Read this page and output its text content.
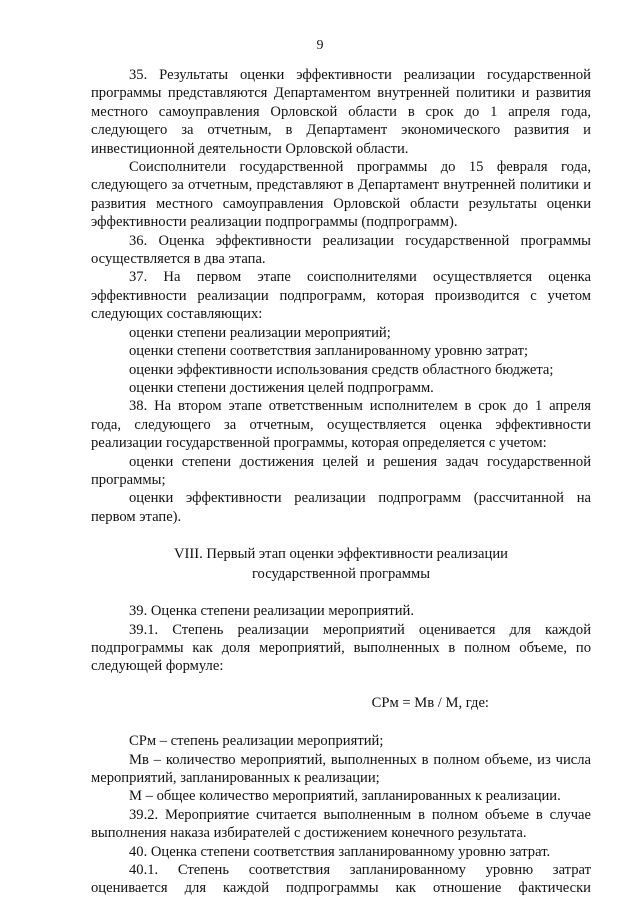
9

35. Результаты оценки эффективности реализации государственной программы представляются Департаментом внутренней политики и развития местного самоуправления Орловской области в срок до 1 апреля года, следующего за отчетным, в Департамент экономического развития и инвестиционной деятельности Орловской области.

Соисполнители государственной программы до 15 февраля года, следующего за отчетным, представляют в Департамент внутренней политики и развития местного самоуправления Орловской области результаты оценки эффективности реализации подпрограммы (подпрограмм).

36. Оценка эффективности реализации государственной программы осуществляется в два этапа.

37. На первом этапе соисполнителями осуществляется оценка эффективности реализации подпрограмм, которая производится с учетом следующих составляющих:

оценки степени реализации мероприятий;

оценки степени соответствия запланированному уровню затрат;

оценки эффективности использования средств областного бюджета;

оценки степени достижения целей подпрограмм.

38. На втором этапе ответственным исполнителем в срок до 1 апреля года, следующего за отчетным, осуществляется оценка эффективности реализации государственной программы, которая определяется с учетом:

оценки степени достижения целей и решения задач государственной программы;

оценки эффективности реализации подпрограмм (рассчитанной на первом этапе).

VIII. Первый этап оценки эффективности реализации
государственной программы

39. Оценка степени реализации мероприятий.

39.1. Степень реализации мероприятий оценивается для каждой подпрограммы как доля мероприятий, выполненных в полном объеме, по следующей формуле:

СРм = Мв / М, где:

СРм – степень реализации мероприятий;

Мв – количество мероприятий, выполненных в полном объеме, из числа мероприятий, запланированных к реализации;

М – общее количество мероприятий, запланированных к реализации.

39.2. Мероприятие считается выполненным в полном объеме в случае выполнения наказа избирателей с достижением конечного результата.

40. Оценка степени соответствия запланированному уровню затрат.

40.1. Степень соответствия запланированному уровню затрат оценивается для каждой подпрограммы как отношение фактически
